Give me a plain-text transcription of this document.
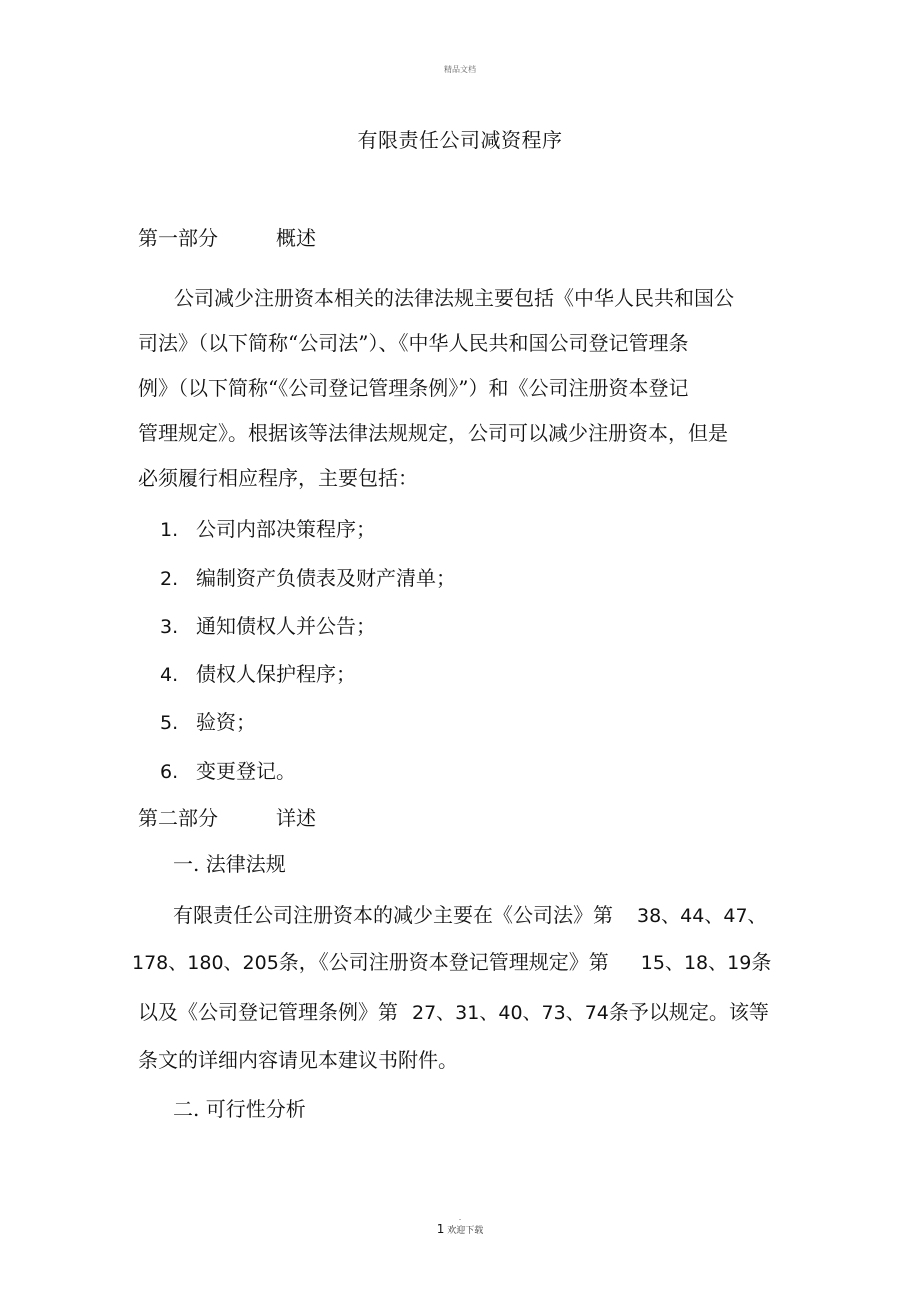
精品文档
有限责任公司减资程序
第一部分	概述
公司减少注册资本相关的法律法规主要包括《中华人民共和国公
司法》（以下简称“公司法”）、《中华人民共和国公司登记管理条
例》（以下简称“《公司登记管理条例》”）和《公司注册资本登记
管理规定》。根据该等法律法规规定，公司可以减少注册资本，但是
必须履行相应程序，主要包括：
1. 公司内部决策程序；
2. 编制资产负债表及财产清单；
3. 通知债权人并公告；
4. 债权人保护程序；
5. 验资；
6. 变更登记。
第二部分	详述
一. 法律法规
有限责任公司注册资本的减少主要在《公司法》第 38、44、47、
178、180、205条，《公司注册资本登记管理规定》第 15、18、19条
以及《公司登记管理条例》第 27、31、40、73、74条予以规定。该等
条文的详细内容请见本建议书附件。
二. 可行性分析
.
1 欢迎下载
